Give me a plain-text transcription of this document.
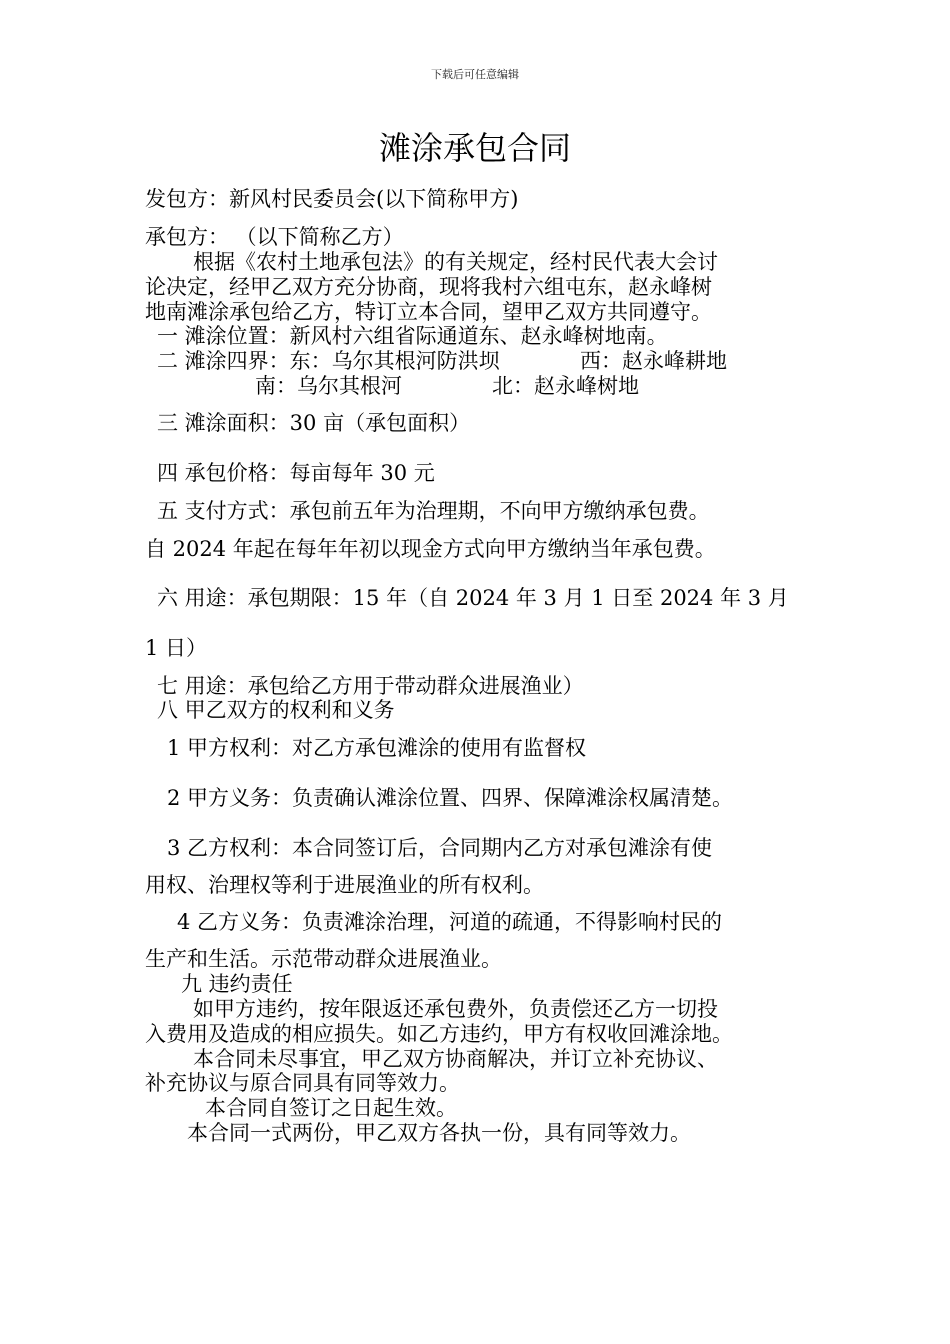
下载后可任意编辑
滩涂承包合同
发包方：新风村民委员会(以下简称甲方)
承包方： （以下简称乙方）
根据《农村土地承包法》的有关规定，经村民代表大会讨
论决定，经甲乙双方充分协商，现将我村六组屯东，赵永峰树
地南滩涂承包给乙方，特订立本合同，望甲乙双方共同遵守。
一 滩涂位置：新风村六组省际通道东、赵永峰树地南。
二 滩涂四界：东：乌尔其根河防洪坝	西：赵永峰耕地
南：乌尔其根河	北：赵永峰树地
三 滩涂面积：30 亩（承包面积）
四 承包价格：每亩每年 30 元
五 支付方式：承包前五年为治理期，不向甲方缴纳承包费。
自 2024 年起在每年年初以现金方式向甲方缴纳当年承包费。
六 用途：承包期限：15 年（自 2024 年 3 月 1 日至 2024 年 3 月
1 日）
七 用途：承包给乙方用于带动群众进展渔业）
八 甲乙双方的权利和义务
1 甲方权利：对乙方承包滩涂的使用有监督权
2 甲方义务：负责确认滩涂位置、四界、保障滩涂权属清楚。
3 乙方权利：本合同签订后，合同期内乙方对承包滩涂有使
用权、治理权等利于进展渔业的所有权利。
4 乙方义务：负责滩涂治理，河道的疏通，不得影响村民的
生产和生活。示范带动群众进展渔业。
九 违约责任
如甲方违约，按年限返还承包费外，负责偿还乙方一切投
入费用及造成的相应损失。如乙方违约，甲方有权收回滩涂地。
本合同未尽事宜，甲乙双方协商解决，并订立补充协议、
补充协议与原合同具有同等效力。
本合同自签订之日起生效。
本合同一式两份，甲乙双方各执一份，具有同等效力。
